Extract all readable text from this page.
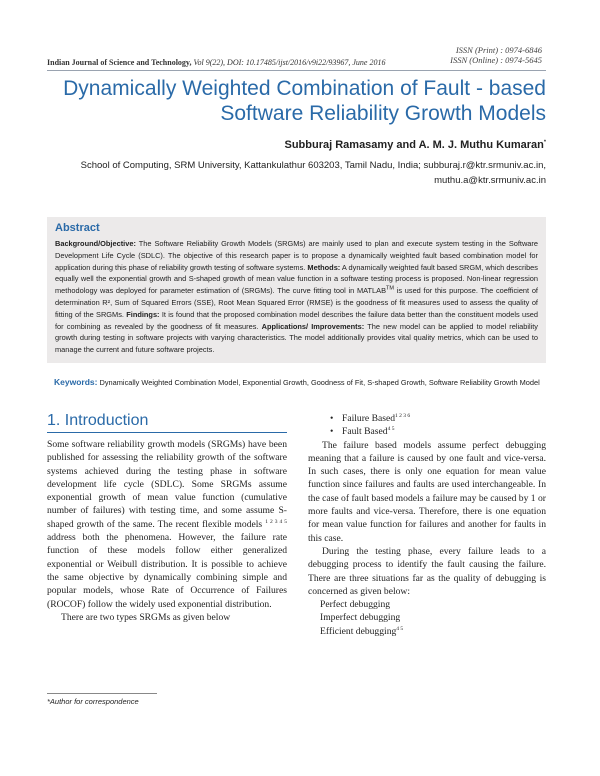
ISSN (Print) : 0974-6846
ISSN (Online) : 0974-5645
Indian Journal of Science and Technology, Vol 9(22), DOI: 10.17485/ijst/2016/v9i22/93967, June 2016
Dynamically Weighted Combination of Fault - based Software Reliability Growth Models
Subburaj Ramasamy and A. M. J. Muthu Kumaran*
School of Computing, SRM University, Kattankulathur 603203, Tamil Nadu, India; subburaj.r@ktr.srmuniv.ac.in,
muthu.a@ktr.srmuniv.ac.in
Abstract
Background/Objective: The Software Reliability Growth Models (SRGMs) are mainly used to plan and execute system testing in the Software Development Life Cycle (SDLC). The objective of this research paper is to propose a dynamically weighted fault based combination model for application during this phase of reliability growth testing of software systems. Methods: A dynamically weighted fault based SRGM, which describes equally well the exponential growth and S-shaped growth of mean value function in a software testing process is proposed. Non-linear regression methodology was deployed for parameter estimation of (SRGMs). The curve fitting tool in MATLAB™ is used for this purpose. The coefficient of determination R², Sum of Squared Errors (SSE), Root Mean Squared Error (RMSE) is the goodness of fit measures used to assess the quality of fitting of the SRGMs. Findings: It is found that the proposed combination model describes the failure data better than the constituent models used for combining as revealed by the goodness of fit measures. Applications/ Improvements: The new model can be applied to model reliability growth during testing in software projects with varying characteristics. The model additionally provides vital quality metrics, which can be used to manage the current and future software projects.
Keywords: Dynamically Weighted Combination Model, Exponential Growth, Goodness of Fit, S-shaped Growth, Software Reliability Growth Model
1. Introduction

Some software reliability growth models (SRGMs) have been published for assessing the reliability growth of the software systems achieved during the testing phase in software development life cycle (SDLC). Some SRGMs assume exponential growth of mean value function (cumulative number of failures) with testing time, and some assume S-shaped growth of the same. The recent flexible models $^{1 2 3 4 5}$ address both the phenomena. However, the failure rate function of these models follow either generalized exponential or Weibull distribution. It is possible to achieve the same objective by dynamically combining simple and popular models, whose Rate of Occurrence of Failures (ROCOF) follow the widely used exponential distribution.

There are two types SRGMs as given below

• Failure Based$^{1 2 3 6}$
• Fault Based$^{4 5}$

The failure based models assume perfect debugging meaning that a failure is caused by one fault and vice-versa. In such cases, there is only one equation for mean value function since failures and faults are used interchangeable. In the case of fault based models a failure may be caused by 1 or more faults and vice-versa. Therefore, there is one equation for mean value function for failures and another for faults in this case.

During the testing phase, every failure leads to a debugging process to identify the fault causing the failure. There are three situations far as the quality of debugging is concerned as given below:

Perfect debugging
Imperfect debugging
Efficient debugging$^{4 5}$
*Author for correspondence
